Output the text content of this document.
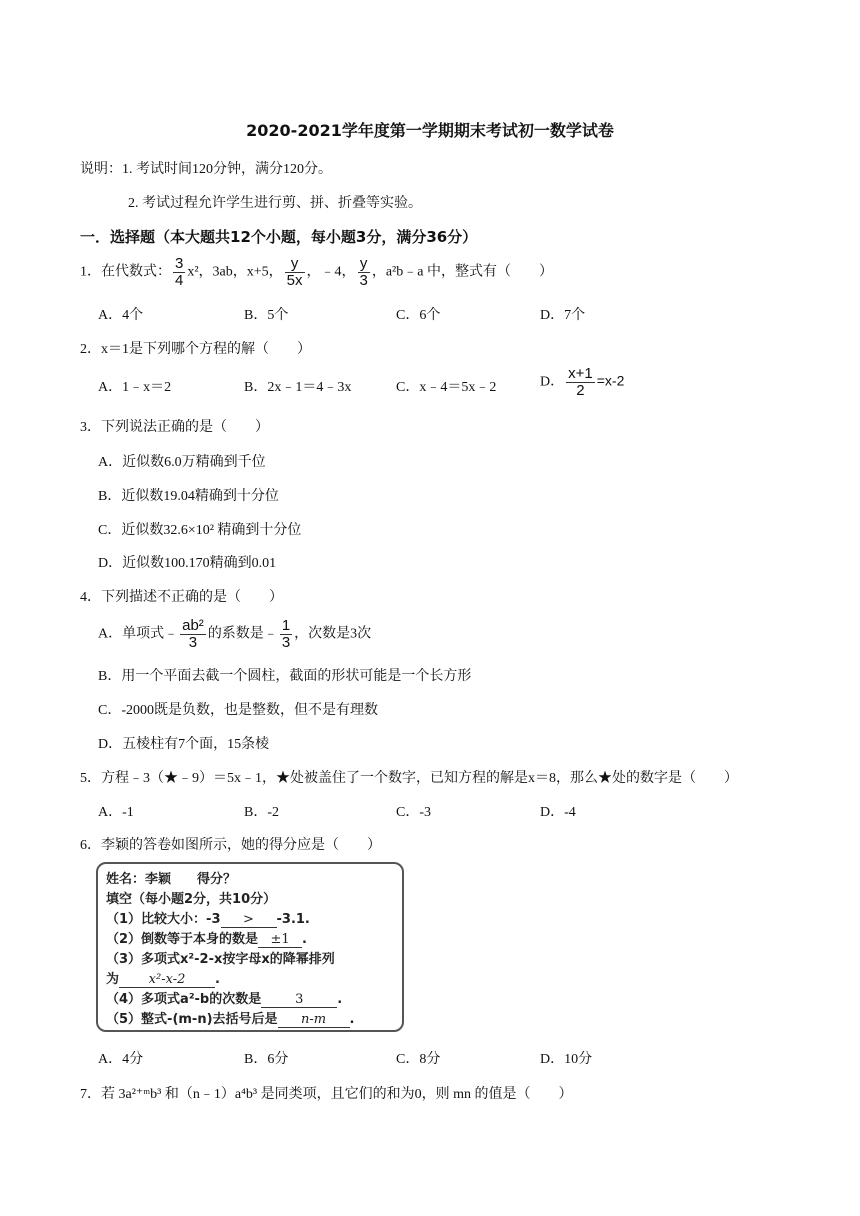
2020-2021学年度第一学期期末考试初一数学试卷
说明：1. 考试时间120分钟，满分120分。
2. 考试过程允许学生进行剪、拼、折叠等实验。
一．选择题（本大题共12个小题，每小题3分，满分36分）
1．在代数式： $\frac{3}{4} x^2$，3ab，x+5， $\frac{y}{5x}$ ，﹣4， $\frac{y}{3}$ ，a²b﹣a 中，整式有（　　）
A．4个	B．5个	C．6个	D．7个
2．x＝1是下列哪个方程的解（　　）
A．1﹣x＝2	B．2x﹣1＝4﹣3x	C．x﹣4＝5x﹣2	D． $\frac{x+1}{2} =x-2$
3．下列说法正确的是（　　）
A．近似数6.0万精确到千位
B．近似数19.04精确到十分位
C．近似数32.6×10² 精确到十分位
D．近似数100.170精确到0.01
4．下列描述不正确的是（　　）
A．单项式﹣ $\frac{\text{ab²}}{3}$ 的系数是﹣ $\frac{1}{3}$ ，次数是3次
B．用一个平面去截一个圆柱，截面的形状可能是一个长方形
C．-2000既是负数，也是整数，但不是有理数
D．五棱柱有7个面，15条棱
5．方程﹣3（★﹣9）＝5x﹣1，★处被盖住了一个数字，已知方程的解是x＝8，那么★处的数字是（　　）
A．-1	B．-2	C．-3	D．-4
6．李颖的答卷如图所示，她的得分应是（　　）
姓名：李颖　　得分？
填空（每小题2分，共10分）
（1）比较大小：-3 > -3.1.
（2）倒数等于本身的数是 ±1 .
（3）多项式x²-2-x按字母x的降幂排列
为 x²-x-2 .
（4）多项式a²-b的次数是	3	.
（5）整式-(m-n)去括号后是 n-m .
A．4分	B．6分	C．8分	D．10分
7．若 3a²⁺ᵐb³ 和（n﹣1）a⁴b³ 是同类项，且它们的和为0，则 mn 的值是（　　）
